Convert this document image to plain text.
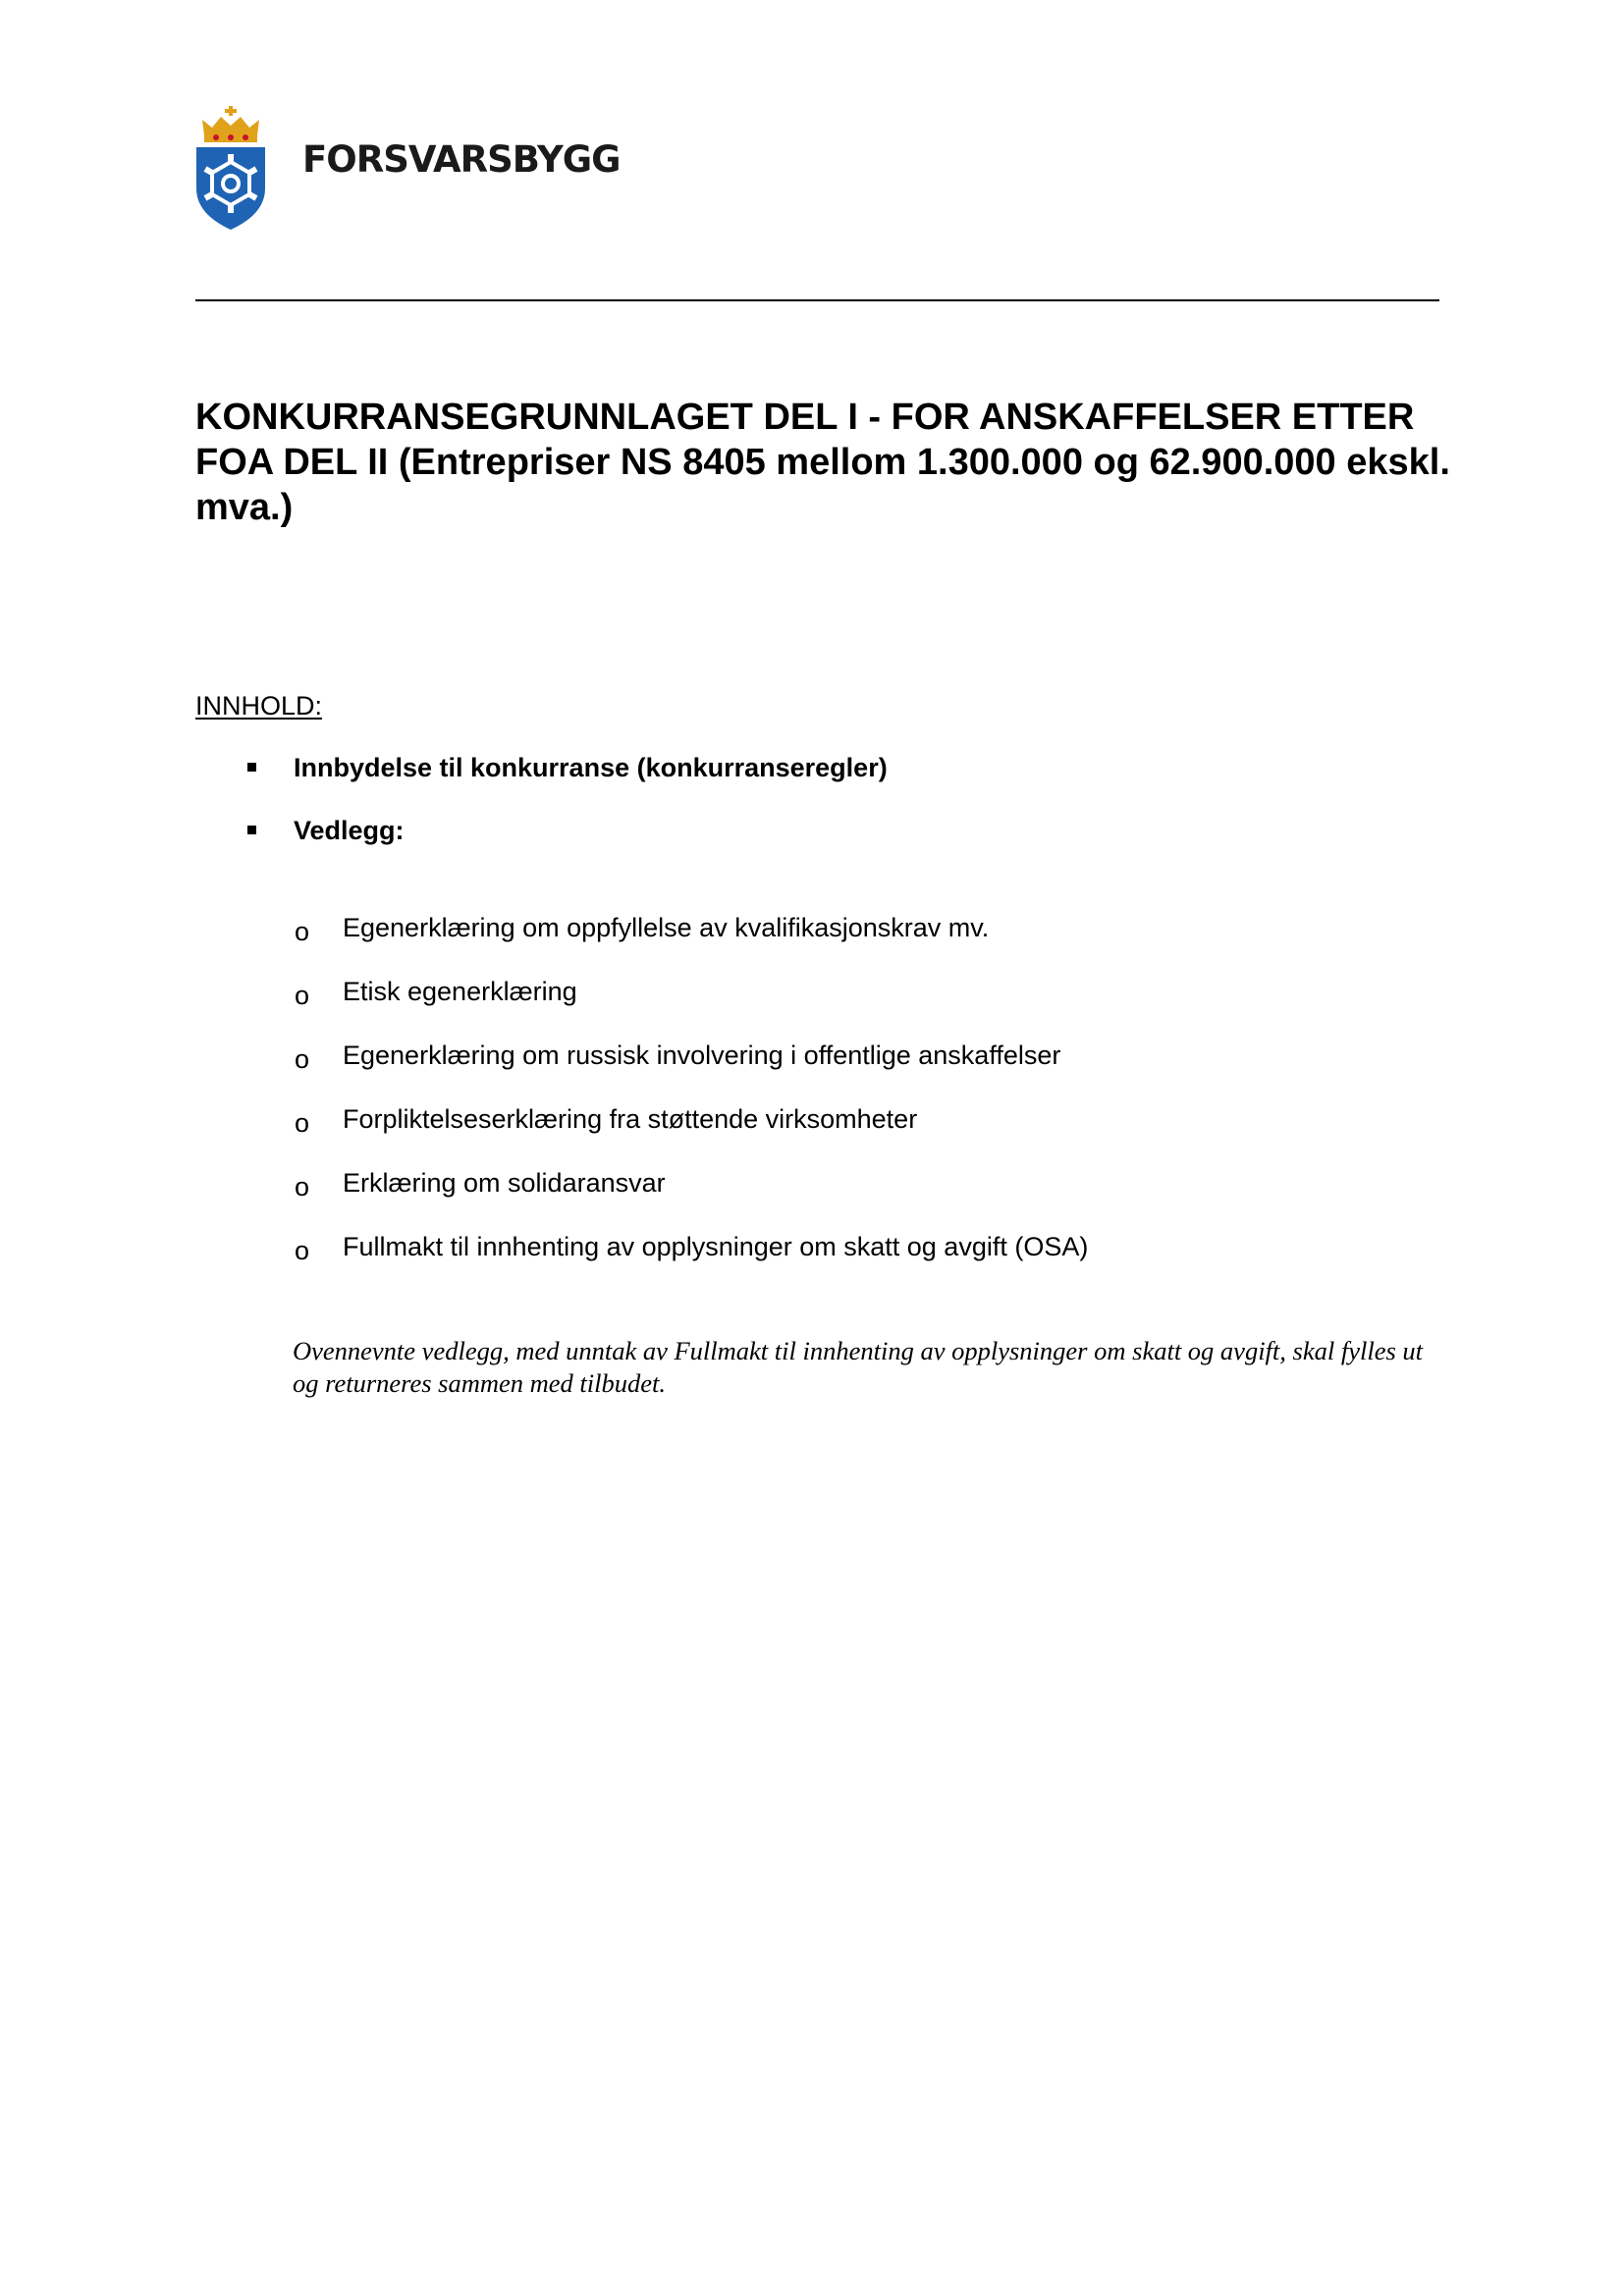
FORSVARSBYGG
KONKURRANSEGRUNNLAGET DEL I - FOR ANSKAFFELSER ETTER FOA DEL II (Entrepriser NS 8405 mellom 1.300.000 og 62.900.000 ekskl. mva.)
INNHOLD:
Innbydelse til konkurranse (konkurranseregler)
Vedlegg:
o Egenerklæring om oppfyllelse av kvalifikasjonskrav mv.
o Etisk egenerklæring
o Egenerklæring om russisk involvering i offentlige anskaffelser
o Forpliktelseserklæring fra støttende virksomheter
o Erklæring om solidaransvar
o Fullmakt til innhenting av opplysninger om skatt og avgift (OSA)

Ovennevnte vedlegg, med unntak av Fullmakt til innhenting av opplysninger om skatt og avgift, skal fylles ut og returneres sammen med tilbudet.
